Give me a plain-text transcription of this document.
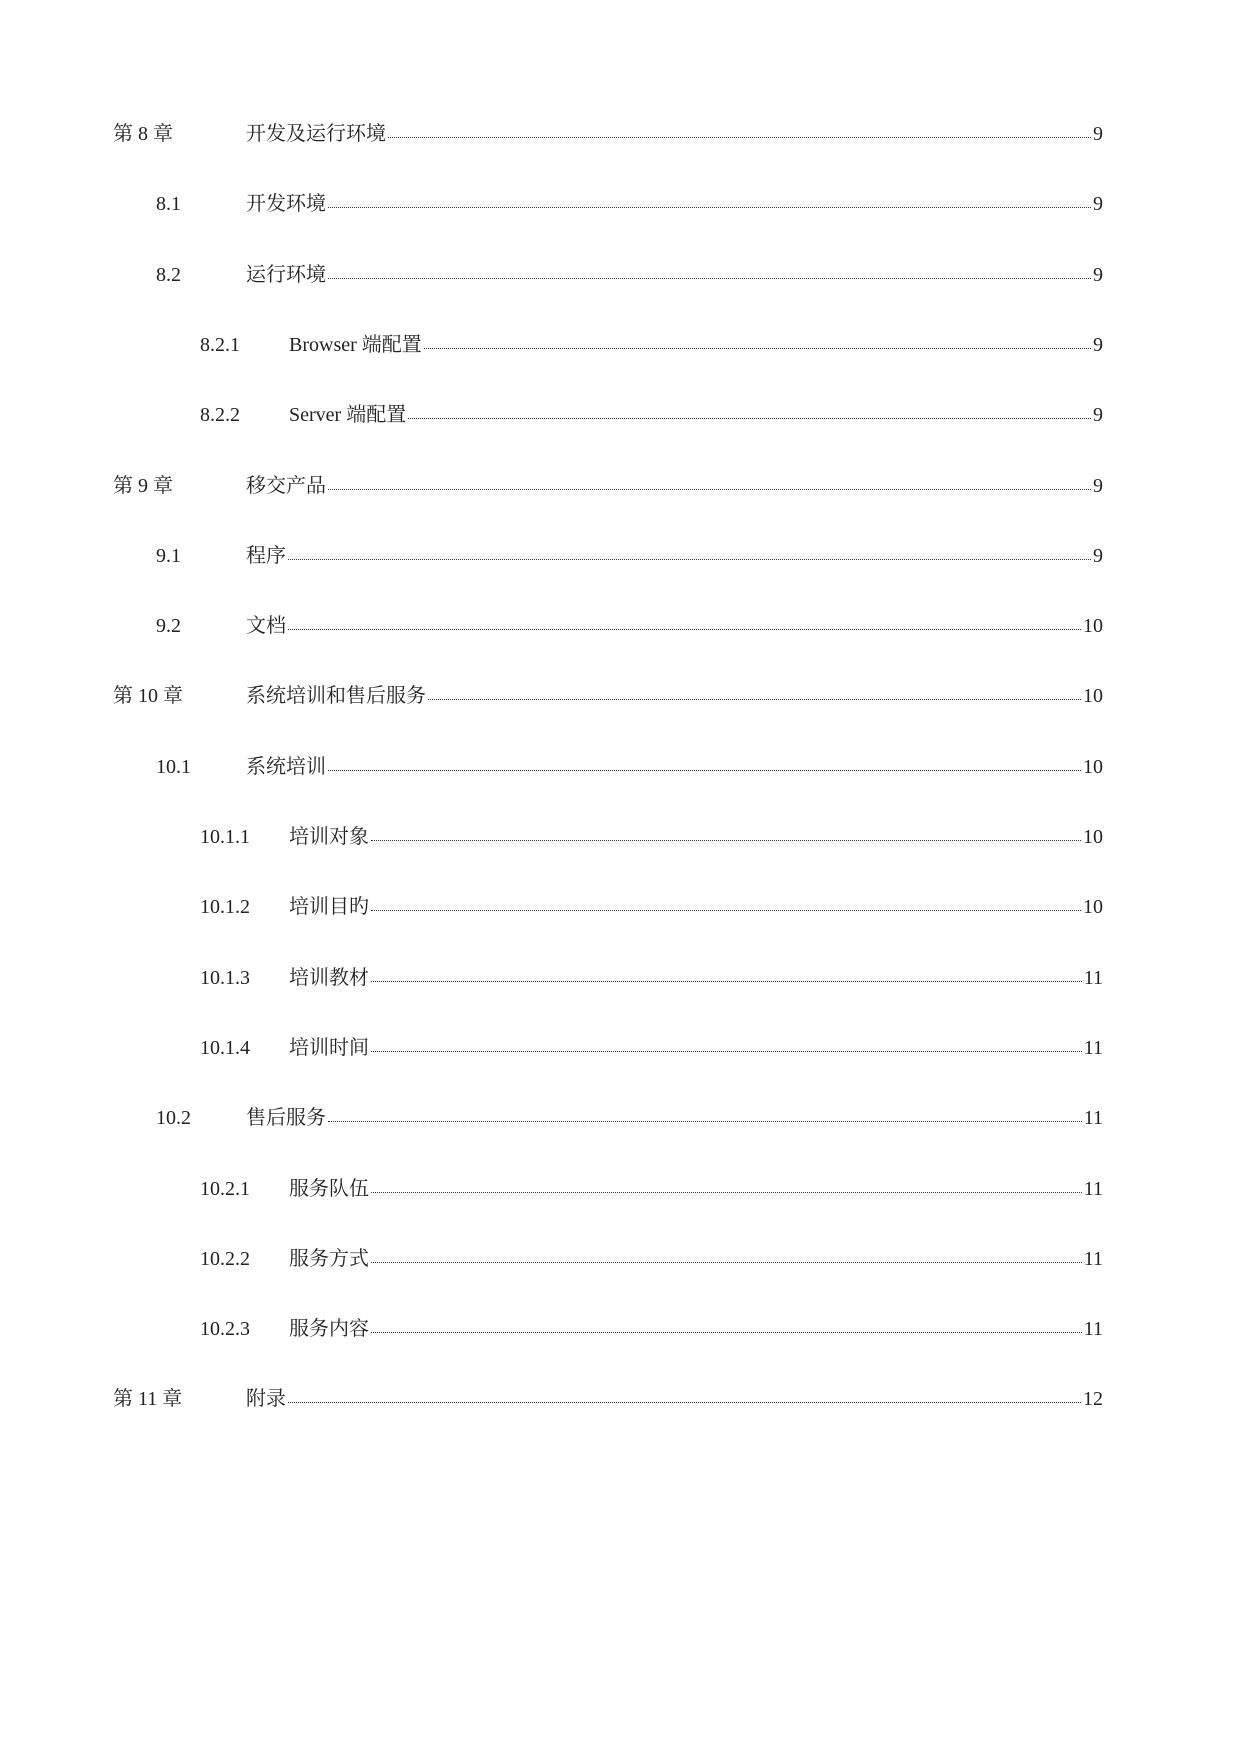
第 8 章	开发及运行环境	9
8.1	开发环境	9
8.2	运行环境	9
8.2.1 Browser 端配置	9
8.2.2 Server 端配置	9
第 9 章	移交产品	9
9.1	程序	9
9.2	文档	10
第 10 章	系统培训和售后服务	10
10.1	系统培训	10
10.1.1 培训对象	10
10.1.2 培训目旳	10
10.1.3 培训教材	11
10.1.4 培训时间	11
10.2	售后服务	11
10.2.1 服务队伍	11
10.2.2 服务方式	11
10.2.3 服务内容	11
第 11 章	附录	12
